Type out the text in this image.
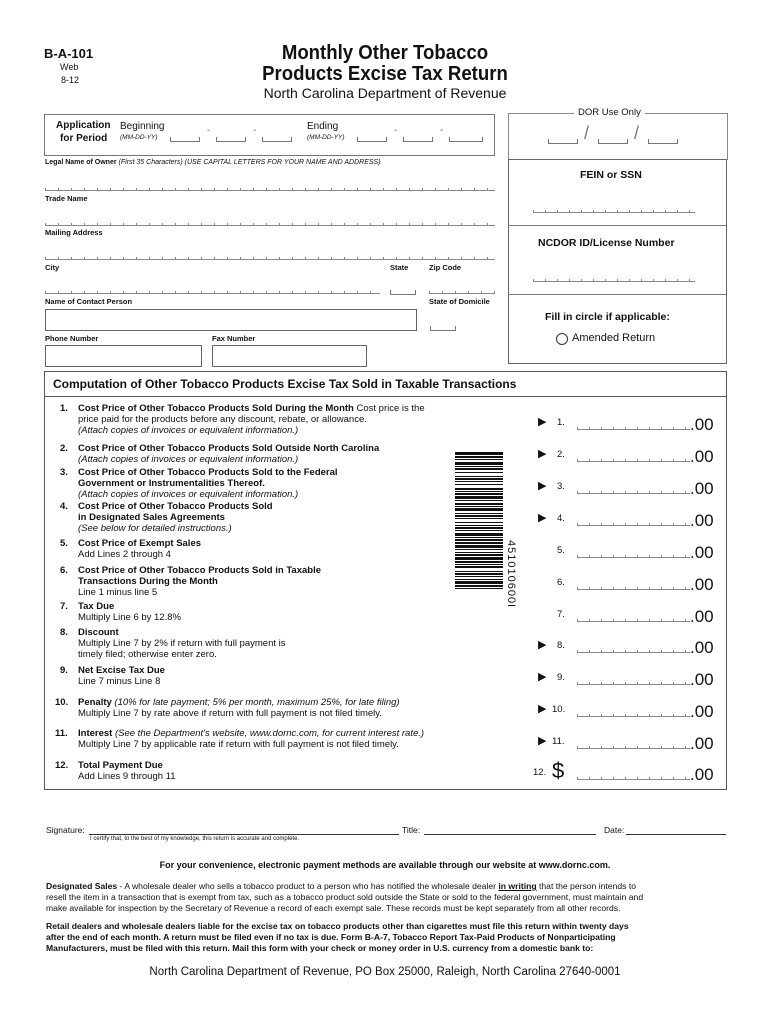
B-A-101
Web
8-12
Monthly Other Tobacco
Products Excise Tax Return
North Carolina Department of Revenue
Application
for Period
Beginning
(MM-DD-YY)
Ending
(MM-DD-YY)
-	-	-	-
DOR Use Only
/ /
Legal Name of Owner (First 35 Characters) (USE CAPITAL LETTERS FOR YOUR NAME AND ADDRESS)
Trade Name
Mailing Address
City	State	Zip Code
Name of Contact Person	State of Domicile
Phone Number	Fax Number
FEIN or SSN
NCDOR ID/License Number
Fill in circle if applicable:
Amended Return
Computation of Other Tobacco Products Excise Tax Sold in Taxable Transactions
1. Cost Price of Other Tobacco Products Sold During the Month Cost price is the
price paid for the products before any discount, rebate, or allowance.
(Attach copies of invoices or equivalent information.)
▶ 1.	.00
2. Cost Price of Other Tobacco Products Sold Outside North Carolina
(Attach copies of invoices or equivalent information.)	▶ 2.	.00
3. Cost Price of Other Tobacco Products Sold to the Federal
Government or Instrumentalities Thereof.
(Attach copies of invoices or equivalent information.)
▶ 3.	.00
4. Cost Price of Other Tobacco Products Sold
in Designated Sales Agreements
(See below for detailed instructions.)
▶ 4.	.00
5. Cost Price of Exempt Sales
Add Lines 2 through 4	5.	.00
6. Cost Price of Other Tobacco Products Sold in Taxable
Transactions During the Month
Line 1 minus line 5
6.	.00
7. Tax Due
Multiply Line 6 by 12.8%	7.	.00
8. Discount
Multiply Line 7 by 2% if return with full payment is
timely filed; otherwise enter zero.
▶ 8.	.00
9. Net Excise Tax Due
Line 7 minus Line 8	▶ 9.	.00
10. Penalty (10% for late payment; 5% per month, maximum 25%, for late filing)
Multiply Line 7 by rate above if return with full payment is not filed timely.	▶ 10.	.00
11. Interest (See the Department's website, www.dornc.com, for current interest rate.)
Multiply Line 7 by applicable rate if return with full payment is not filed timely.	▶ 11.	.00
12. Total Payment Due
Add Lines 9 through 11	12. $	.00
451010600I
Signature:
I certify that, to the best of my knowledge, this return is accurate and complete.
Title:	Date:
For your convenience, electronic payment methods are available through our website at www.dornc.com.
Designated Sales - A wholesale dealer who sells a tobacco product to a person who has notified the wholesale dealer in writing that the person intends to
resell the item in a transaction that is exempt from tax, such as a tobacco product sold outside the State or sold to the federal government, must maintain and
make available for inspection by the Secretary of Revenue a record of each exempt sale. These records must be kept separately from all other records.
Retail dealers and wholesale dealers liable for the excise tax on tobacco products other than cigarettes must file this return within twenty days
after the end of each month. A return must be filed even if no tax is due. Form B-A-7, Tobacco Report Tax-Paid Products of Nonparticipating
Manufacturers, must be filed with this return. Mail this form with your check or money order in U.S. currency from a domestic bank to:
North Carolina Department of Revenue, PO Box 25000, Raleigh, North Carolina 27640-0001
